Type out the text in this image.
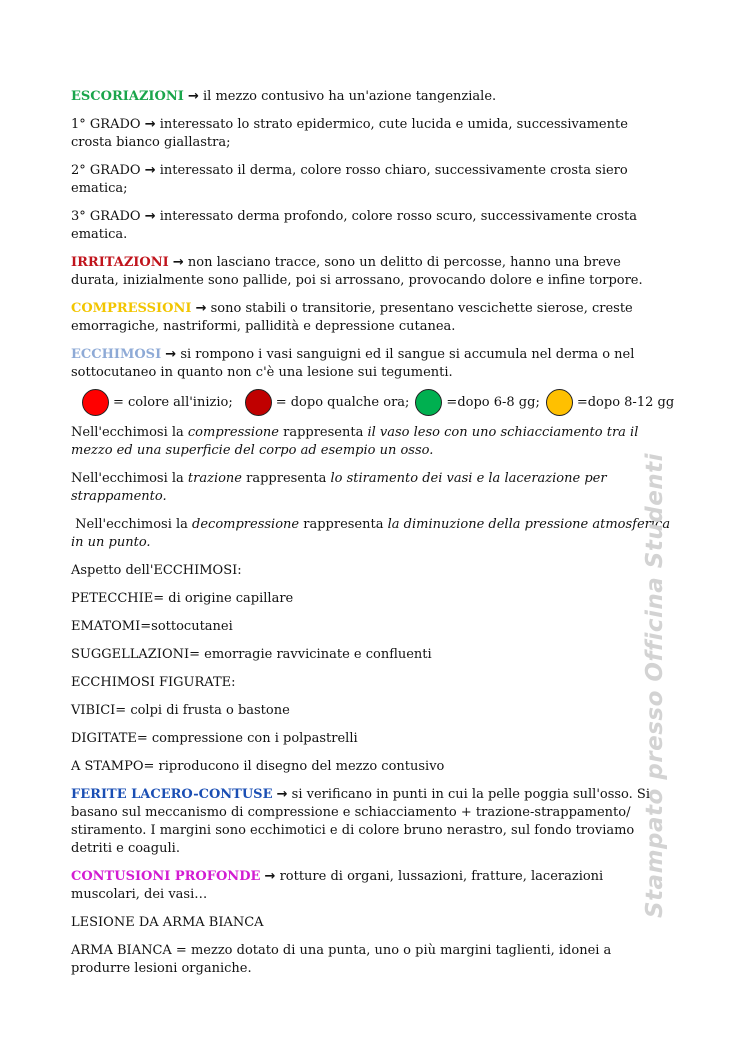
ESCORIAZIONI → il mezzo contusivo ha un'azione tangenziale.

1° GRADO → interessato lo strato epidermico, cute lucida e umida, successivamente crosta bianco giallastra;

2° GRADO → interessato il derma, colore rosso chiaro, successivamente crosta siero ematica;

3° GRADO → interessato derma profondo, colore rosso scuro, successivamente crosta ematica.

IRRITAZIONI → non lasciano tracce, sono un delitto di percosse, hanno una breve durata, inizialmente sono pallide, poi si arrossano, provocando dolore e infine torpore.

COMPRESSIONI → sono stabili o transitorie, presentano vescichette sierose, creste emorragiche, nastriformi, pallidità e depressione cutanea.

ECCHIMOSI → si rompono i vasi sanguigni ed il sangue si accumula nel derma o nel sottocutaneo in quanto non c'è una lesione sui tegumenti.

= colore all'inizio;	= dopo qualche ora;	=dopo 6-8 gg;	=dopo 8-12 gg

Nell'ecchimosi la compressione rappresenta il vaso leso con uno schiacciamento tra il mezzo ed una superficie del corpo ad esempio un osso.

Nell'ecchimosi la trazione rappresenta lo stiramento dei vasi e la lacerazione per strappamento.

Nell'ecchimosi la decompressione rappresenta la diminuzione della pressione atmosferica in un punto.

Aspetto dell'ECCHIMOSI:

PETECCHIE= di origine capillare

EMATOMI=sottocutanei

SUGGELLAZIONI= emorragie ravvicinate e confluenti

ECCHIMOSI FIGURATE:

VIBICI= colpi di frusta o bastone

DIGITATE= compressione con i polpastrelli

A STAMPO= riproducono il disegno del mezzo contusivo

FERITE LACERO-CONTUSE → si verificano in punti in cui la pelle poggia sull'osso. Si basano sul meccanismo di compressione e schiacciamento + trazione-strappamento/ stiramento. I margini sono ecchimotici e di colore bruno nerastro, sul fondo troviamo detriti e coaguli.

CONTUSIONI PROFONDE → rotture di organi, lussazioni, fratture, lacerazioni muscolari, dei vasi…

LESIONE DA ARMA BIANCA

ARMA BIANCA = mezzo dotato di una punta, uno o più margini taglienti, idonei a produrre lesioni organiche.

Stampato presso Officina Studenti
